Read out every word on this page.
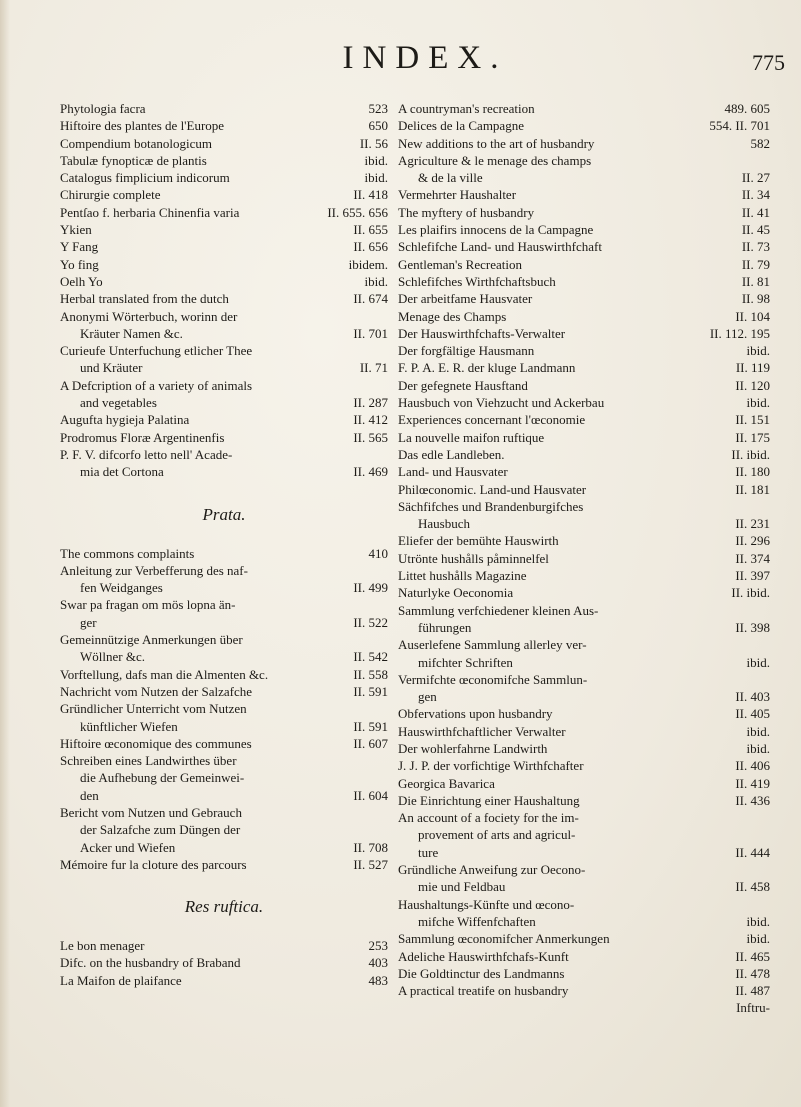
INDEX.	775
Phytologia facra	523
Hiftoire des plantes de l'Europe	650
Compendium botanologicum	II. 56
Tabulæ fynopticæ de plantis	ibid.
Catalogus fimplicium indicorum	ibid.
Chirurgie complete	II. 418
Pentſao f. herbaria Chinenfia varia	II. 655. 656
Ykien	II. 655
Y Fang	II. 656
Yo fing	ibidem.
Oelh Yo	ibid.
Herbal translated from the dutch	II. 674
Anonymi Wörterbuch, worinn der
Kräuter Namen &c.	II. 701
Curieufe Unterfuchung etlicher Thee
und Kräuter	II. 71
A Defcription of a variety of animals
and vegetables	II. 287
Augufta hygieja Palatina	II. 412
Prodromus Floræ Argentinenfis	II. 565
P. F. V. difcorfo letto nell' Acade-
mia det Cortona	II. 469
Prata.
The commons complaints	410
Anleitung zur Verbefferung des naf-
fen Weidganges	II. 499
Swar pa fragan om mös lopna än-
ger	II. 522
Gemeinnützige Anmerkungen über
Wöllner &c.	II. 542
Vorftellung, dafs man die Almenten &c.	II. 558
Nachricht vom Nutzen der Salzafche	II. 591
Gründlicher Unterricht vom Nutzen
künftlicher Wiefen	II. 591
Hiftoire œconomique des communes	II. 607
Schreiben eines Landwirthes über
die Aufhebung der Gemeinwei-
den	II. 604
Bericht vom Nutzen und Gebrauch
der Salzafche zum Düngen der
Acker und Wiefen	II. 708
Mémoire fur la cloture des parcours	II. 527
Res ruftica.
Le bon menager	253
Difc. on the husbandry of Braband	403
La Maifon de plaifance	483
A countryman's recreation	489. 605
Delices de la Campagne	554. II. 701
New additions to the art of husbandry	582
Agriculture & le menage des champs
& de la ville	II. 27
Vermehrter Haushalter	II. 34
The myftery of husbandry	II. 41
Les plaifirs innocens de la Campagne	II. 45
Schlefifche Land- und Hauswirthfchaft	II. 73
Gentleman's Recreation	II. 79
Schlefifches Wirthfchaftsbuch	II. 81
Der arbeitfame Hausvater	II. 98
Menage des Champs	II. 104
Der Hauswirthfchafts-Verwalter	II. 112. 195
Der forgfältige Hausmann	ibid.
F. P. A. E. R. der kluge Landmann	II. 119
Der gefegnete Hausftand	II. 120
Hausbuch von Viehzucht und Ackerbau	ibid.
Experiences concernant l'œconomie	II. 151
La nouvelle maifon ruftique	II. 175
Das edle Landleben.	II. ibid.
Land- und Hausvater	II. 180
Philœconomic. Land-und Hausvater	II. 181
Sächfifches und Brandenburgifches
Hausbuch	II. 231
Eliefer der bemühte Hauswirth	II. 296
Utrönte hushålls påminnelfel	II. 374
Littet hushålls Magazine	II. 397
Naturlyke Oeconomia	II. ibid.
Sammlung verfchiedener kleinen Aus-
führungen	II. 398
Auserlefene Sammlung allerley ver-
mifchter Schriften	ibid.
Vermifchte œconomifche Sammlun-
gen	II. 403
Obfervations upon husbandry	II. 405
Hauswirthfchaftlicher Verwalter	ibid.
Der wohlerfahrne Landwirth	ibid.
J. J. P. der vorfichtige Wirthfchafter	II. 406
Georgica Bavarica	II. 419
Die Einrichtung einer Haushaltung	II. 436
An account of a fociety for the im-
provement of arts and agricul-
ture	II. 444
Gründliche Anweifung zur Oecono-
mie und Feldbau	II. 458
Haushaltungs-Künfte und œcono-
mifche Wiffenfchaften	ibid.
Sammlung œconomifcher Anmerkungen	ibid.
Adeliche Hauswirthfchafs-Kunft	II. 465
Die Goldtinctur des Landmanns	II. 478
A practical treatife on husbandry	II. 487
Inftru-
